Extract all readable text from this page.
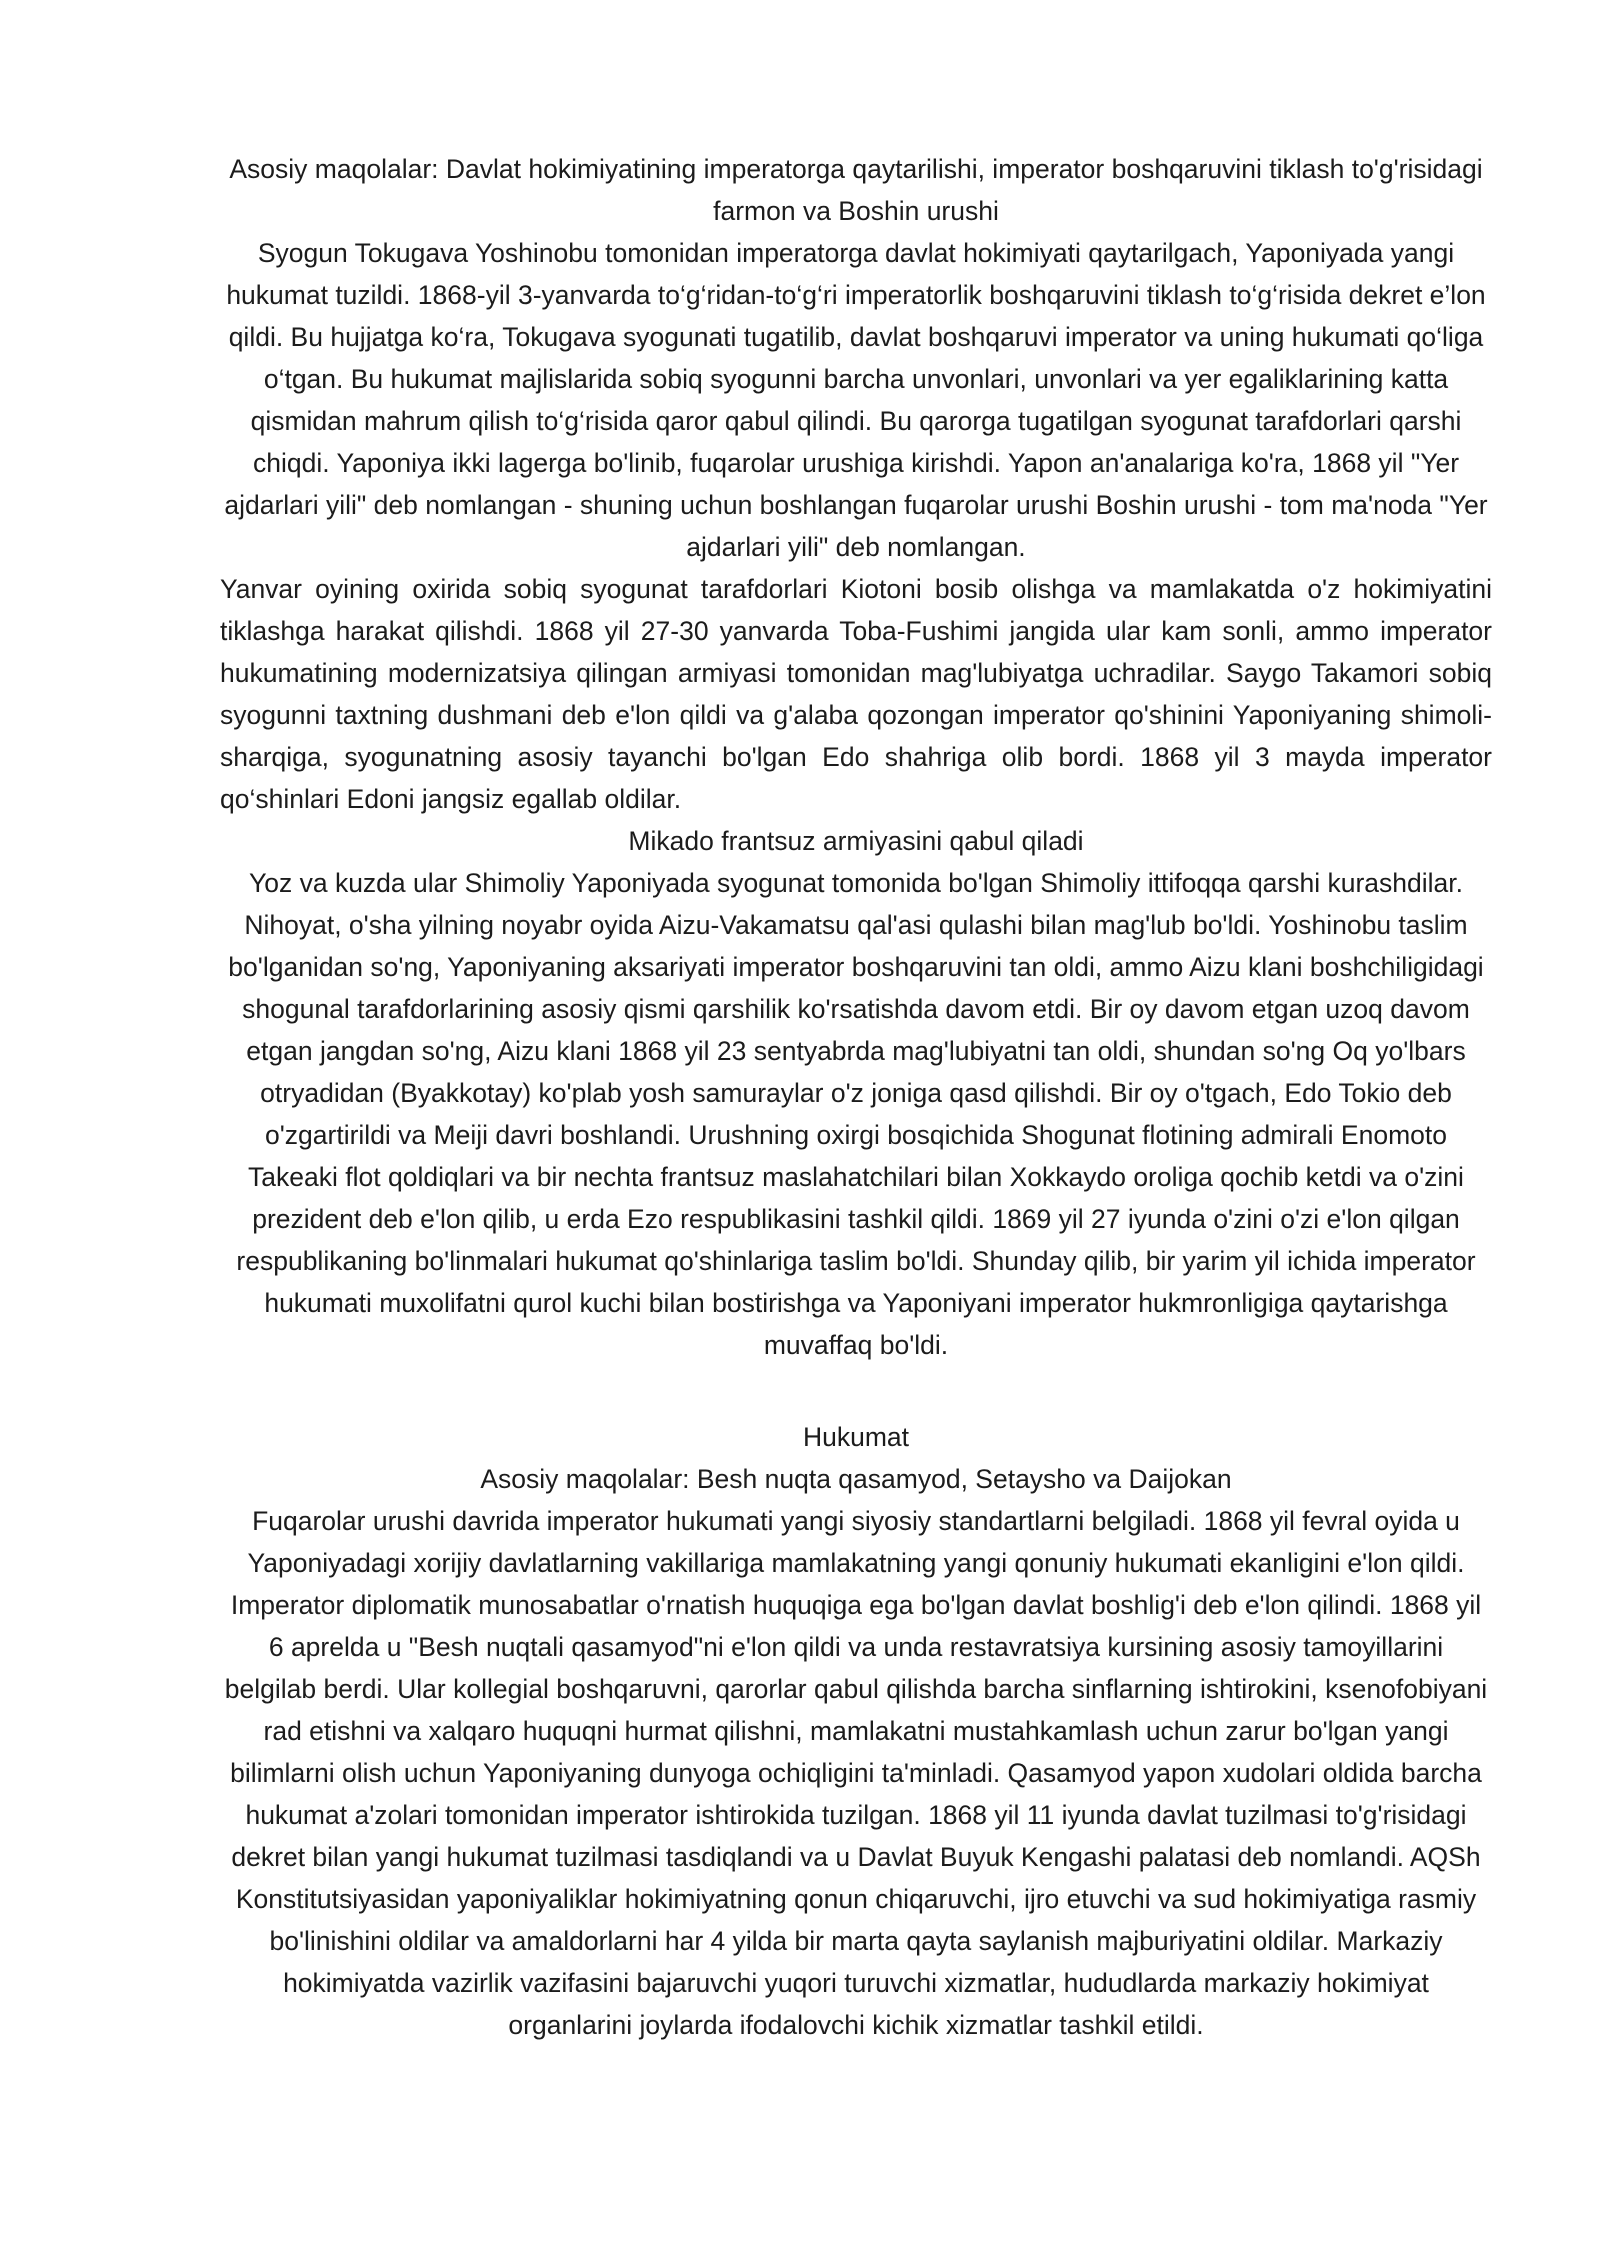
Asosiy maqolalar: Davlat hokimiyatining imperatorga qaytarilishi, imperator boshqaruvini tiklash to'g'risidagi farmon va Boshin urushi

Syogun Tokugava Yoshinobu tomonidan imperatorga davlat hokimiyati qaytarilgach, Yaponiyada yangi hukumat tuzildi. 1868-yil 3-yanvarda to‘g‘ridan-to‘g‘ri imperatorlik boshqaruvini tiklash to‘g‘risida dekret e’lon qildi. Bu hujjatga ko‘ra, Tokugava syogunati tugatilib, davlat boshqaruvi imperator va uning hukumati qo‘liga o‘tgan. Bu hukumat majlislarida sobiq syogunni barcha unvonlari, unvonlari va yer egaliklarining katta qismidan mahrum qilish to‘g‘risida qaror qabul qilindi. Bu qarorga tugatilgan syogunat tarafdorlari qarshi chiqdi. Yaponiya ikki lagerga bo'linib, fuqarolar urushiga kirishdi. Yapon an'analariga ko'ra, 1868 yil "Yer ajdarlari yili" deb nomlangan - shuning uchun boshlangan fuqarolar urushi Boshin urushi - tom ma'noda "Yer ajdarlari yili" deb nomlangan.

Yanvar oyining oxirida sobiq syogunat tarafdorlari Kiotoni bosib olishga va mamlakatda o'z hokimiyatini tiklashga harakat qilishdi. 1868 yil 27-30 yanvarda Toba-Fushimi jangida ular kam sonli, ammo imperator hukumatining modernizatsiya qilingan armiyasi tomonidan mag'lubiyatga uchradilar. Saygo Takamori sobiq syogunni taxtning dushmani deb e'lon qildi va g'alaba qozongan imperator qo'shinini Yaponiyaning shimoli-sharqiga, syogunatning asosiy tayanchi bo'lgan Edo shahriga olib bordi. 1868 yil 3 mayda imperator qo‘shinlari Edoni jangsiz egallab oldilar.

Mikado frantsuz armiyasini qabul qiladi

Yoz va kuzda ular Shimoliy Yaponiyada syogunat tomonida bo'lgan Shimoliy ittifoqqa qarshi kurashdilar. Nihoyat, o'sha yilning noyabr oyida Aizu-Vakamatsu qal'asi qulashi bilan mag'lub bo'ldi. Yoshinobu taslim bo'lganidan so'ng, Yaponiyaning aksariyati imperator boshqaruvini tan oldi, ammo Aizu klani boshchiligidagi shogunal tarafdorlarining asosiy qismi qarshilik ko'rsatishda davom etdi. Bir oy davom etgan uzoq davom etgan jangdan so'ng, Aizu klani 1868 yil 23 sentyabrda mag'lubiyatni tan oldi, shundan so'ng Oq yo'lbars otryadidan (Byakkotay) ko'plab yosh samuraylar o'z joniga qasd qilishdi. Bir oy o'tgach, Edo Tokio deb o'zgartirildi va Meiji davri boshlandi. Urushning oxirgi bosqichida Shogunat flotining admirali Enomoto Takeaki flot qoldiqlari va bir nechta frantsuz maslahatchilari bilan Xokkaydo oroliga qochib ketdi va o'zini prezident deb e'lon qilib, u erda Ezo respublikasini tashkil qildi. 1869 yil 27 iyunda o'zini o'zi e'lon qilgan respublikaning bo'linmalari hukumat qo'shinlariga taslim bo'ldi. Shunday qilib, bir yarim yil ichida imperator hukumati muxolifatni qurol kuchi bilan bostirishga va Yaponiyani imperator hukmronligiga qaytarishga muvaffaq bo'ldi.

Hukumat

Asosiy maqolalar: Besh nuqta qasamyod, Setaysho va Daijokan

Fuqarolar urushi davrida imperator hukumati yangi siyosiy standartlarni belgiladi. 1868 yil fevral oyida u Yaponiyadagi xorijiy davlatlarning vakillariga mamlakatning yangi qonuniy hukumati ekanligini e'lon qildi. Imperator diplomatik munosabatlar o'rnatish huquqiga ega bo'lgan davlat boshlig'i deb e'lon qilindi. 1868 yil 6 aprelda u "Besh nuqtali qasamyod"ni e'lon qildi va unda restavratsiya kursining asosiy tamoyillarini belgilab berdi. Ular kollegial boshqaruvni, qarorlar qabul qilishda barcha sinflarning ishtirokini, ksenofobiyani rad etishni va xalqaro huquqni hurmat qilishni, mamlakatni mustahkamlash uchun zarur bo'lgan yangi bilimlarni olish uchun Yaponiyaning dunyoga ochiqligini ta'minladi. Qasamyod yapon xudolari oldida barcha hukumat a'zolari tomonidan imperator ishtirokida tuzilgan. 1868 yil 11 iyunda davlat tuzilmasi to'g'risidagi dekret bilan yangi hukumat tuzilmasi tasdiqlandi va u Davlat Buyuk Kengashi palatasi deb nomlandi. AQSh Konstitutsiyasidan yaponiyaliklar hokimiyatning qonun chiqaruvchi, ijro etuvchi va sud hokimiyatiga rasmiy bo'linishini oldilar va amaldorlarni har 4 yilda bir marta qayta saylanish majburiyatini oldilar. Markaziy hokimiyatda vazirlik vazifasini bajaruvchi yuqori turuvchi xizmatlar, hududlarda markaziy hokimiyat organlarini joylarda ifodalovchi kichik xizmatlar tashkil etildi.
